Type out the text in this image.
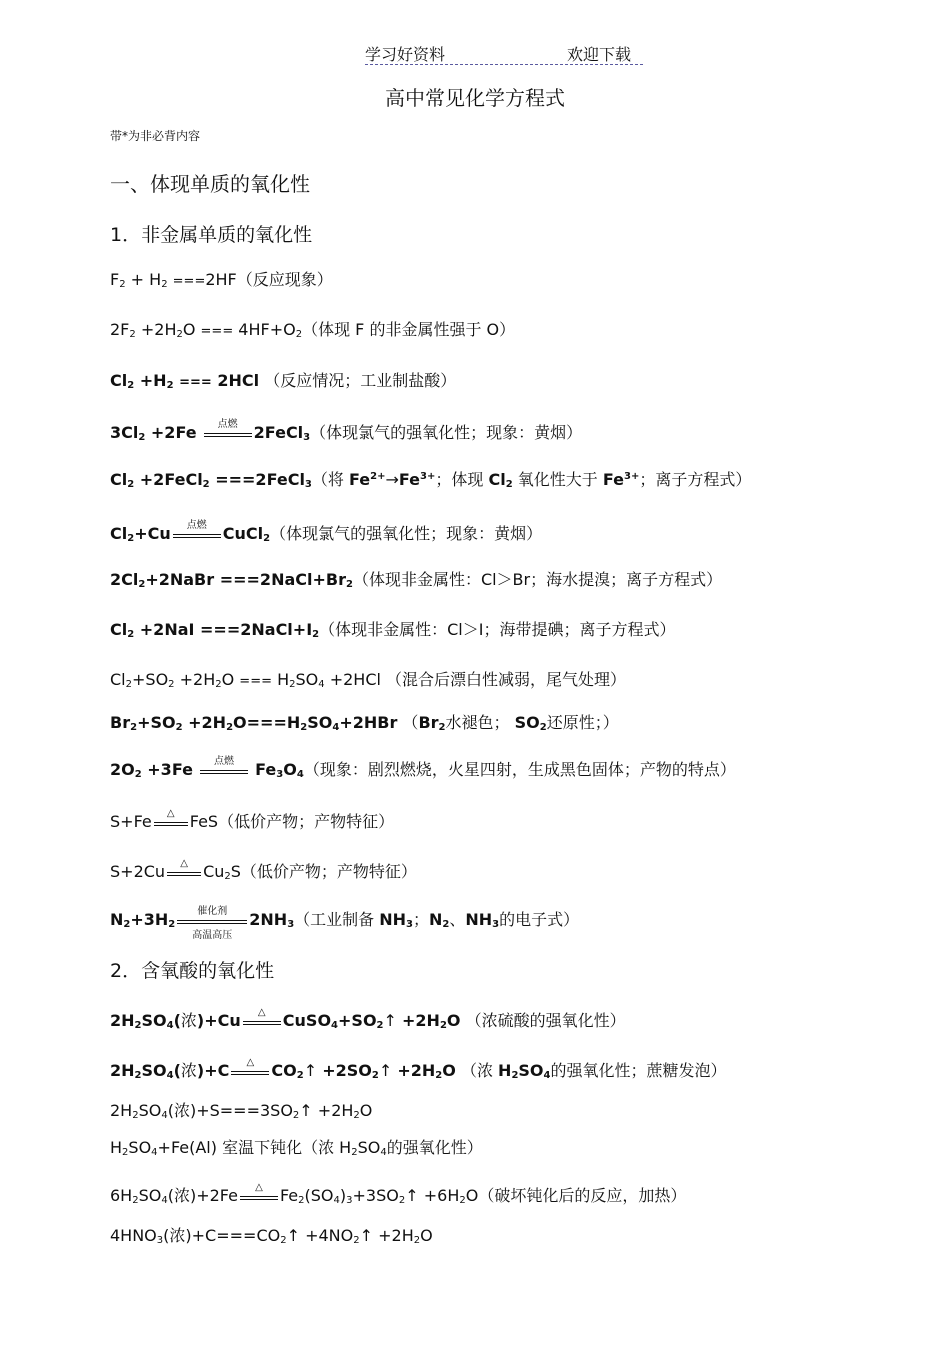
学习好资料	欢迎下载
高中常见化学方程式
带*为非必背内容
一、体现单质的氧化性
1．非金属单质的氧化性
$F_2 + H_2 ===2HF$（反应现象）
$2F_2 +2H_2O$ === $4HF+O_2$（体现 F 的非金属性强于 O）
$Cl_2 +H_2$ === 2HCl （反应情况；工业制盐酸）
$3Cl_2 +2Fe$	点燃	2FeCl$_3$（体现氯气的强氧化性；现象：黄烟）
$Cl_2$ +2FeCl$_2$ ===2FeCl$_3$（将 $Fe^{2+}\to Fe^{3+}$；体现 $Cl_2$ 氧化性大于 $Fe^{3+}$；离子方程式）
$Cl_2+Cu$	点燃	CuCl$_2$（体现氯气的强氧化性；现象：黄烟）
$2Cl_2+2NaBr$ $===2NaCl+Br_2$（体现非金属性：Cl＞Br；海水提溴；离子方程式）
$Cl_2 +2NaI$ $===2NaCl+I_2$（体现非金属性：Cl＞I；海带提碘；离子方程式）
$Cl_2+SO_2 +2H_2O$ === $H_2SO_4 +2HCl$ （混合后漂白性减弱，尾气处理）
$Br_2+SO_2 +2H_2O===H_2SO_4+2HBr$ （$Br_2$水褪色； $SO_2$还原性；）
$2O_2 +3Fe$	点燃	$Fe_3O_4$（现象：剧烈燃烧，火星四射，生成黑色固体；产物的特点）
S+Fe	△ FeS（低价产物；产物特征）
S+2Cu	△ $Cu_2S$（低价产物；产物特征）
$N_2+3H_2$
催化剂
高温高压
$2NH_3$（工业制备 $NH_3$；$N_2$、$NH_3$的电子式）
2．含氧酸的氧化性
$2H_2SO_4$(浓)+Cu	△	$CuSO_4+SO_2↑ +2H_2O$ （浓硫酸的强氧化性）
$2H_2SO_4$(浓)+C	△	$CO_2↑$ $+2SO_2↑ +2H_2O$ （浓 $H_2SO_4$的强氧化性；蔗糖发泡）
$2H_2SO_4$(浓)$+S===3SO_2↑ +2H_2O$
$H_2SO_4+Fe(Al)$ 室温下钝化（浓 $H_2SO_4$的强氧化性）
$6H_2SO_4$(浓)+2Fe	△	$Fe_2(SO_4)_3+3SO_2↑ +6H_2O$（破坏钝化后的反应，加热）
$4HNO_3$(浓)$+C===CO_2↑$ $+4NO_2↑ +2H_2O$
